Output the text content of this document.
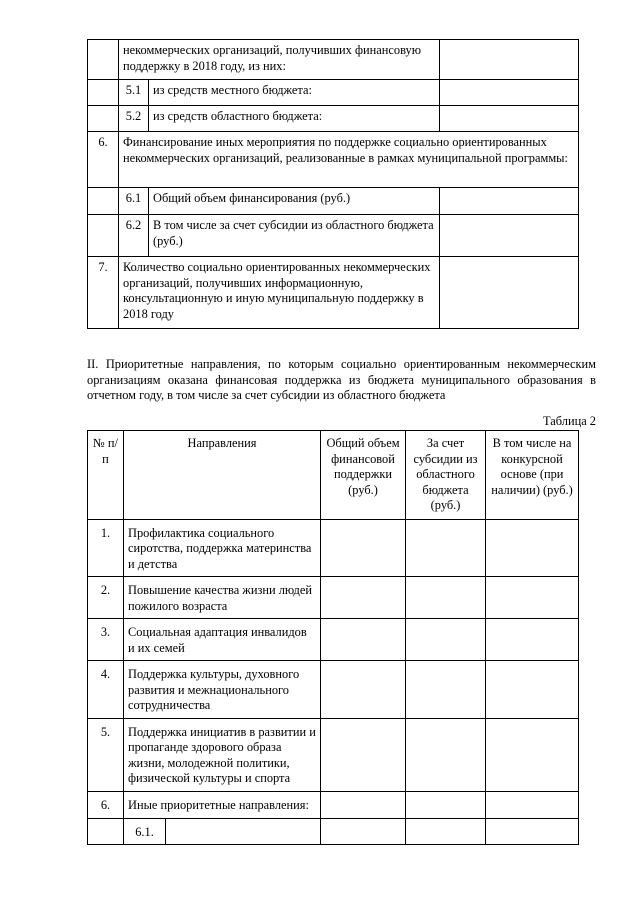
	некоммерческих организаций, получивших финансовую поддержку в 2018 году, из них:		
	5.1	из средств местного бюджета:	
	5.2	из средств областного бюджета:	
6.	Финансирование иных мероприятия по поддержке социально ориентированных некоммерческих организаций, реализованные в рамках муниципальной программы:		
	6.1	Общий объем финансирования (руб.)	
	6.2	В том числе за счет субсидии из областного бюджета (руб.)	
7.	Количество социально ориентированных некоммерческих организаций, получивших информационную, консультационную и иную муниципальную поддержку в 2018 году		

II. Приоритетные направления, по которым социально ориентированным некоммерческим организациям оказана финансовая поддержка из бюджета муниципального образования в отчетном году, в том числе за счет субсидии из областного бюджета

Таблица 2

№ п/п	Направления		Общий объем финансовой поддержки (руб.)	За счет субсидии из областного бюджета (руб.)	В том числе на конкурсной основе (при наличии) (руб.)
1.	Профилактика социального сиротства, поддержка материнства и детства				
2.	Повышение качества жизни людей пожилого возраста				
3.	Социальная адаптация инвалидов и их семей				
4.	Поддержка культуры, духовного развития и межнационального сотрудничества				
5.	Поддержка инициатив в развитии и пропаганде здорового образа жизни, молодежной политики, физической культуры и спорта				
6.	Иные приоритетные направления:				
	6.1.				
